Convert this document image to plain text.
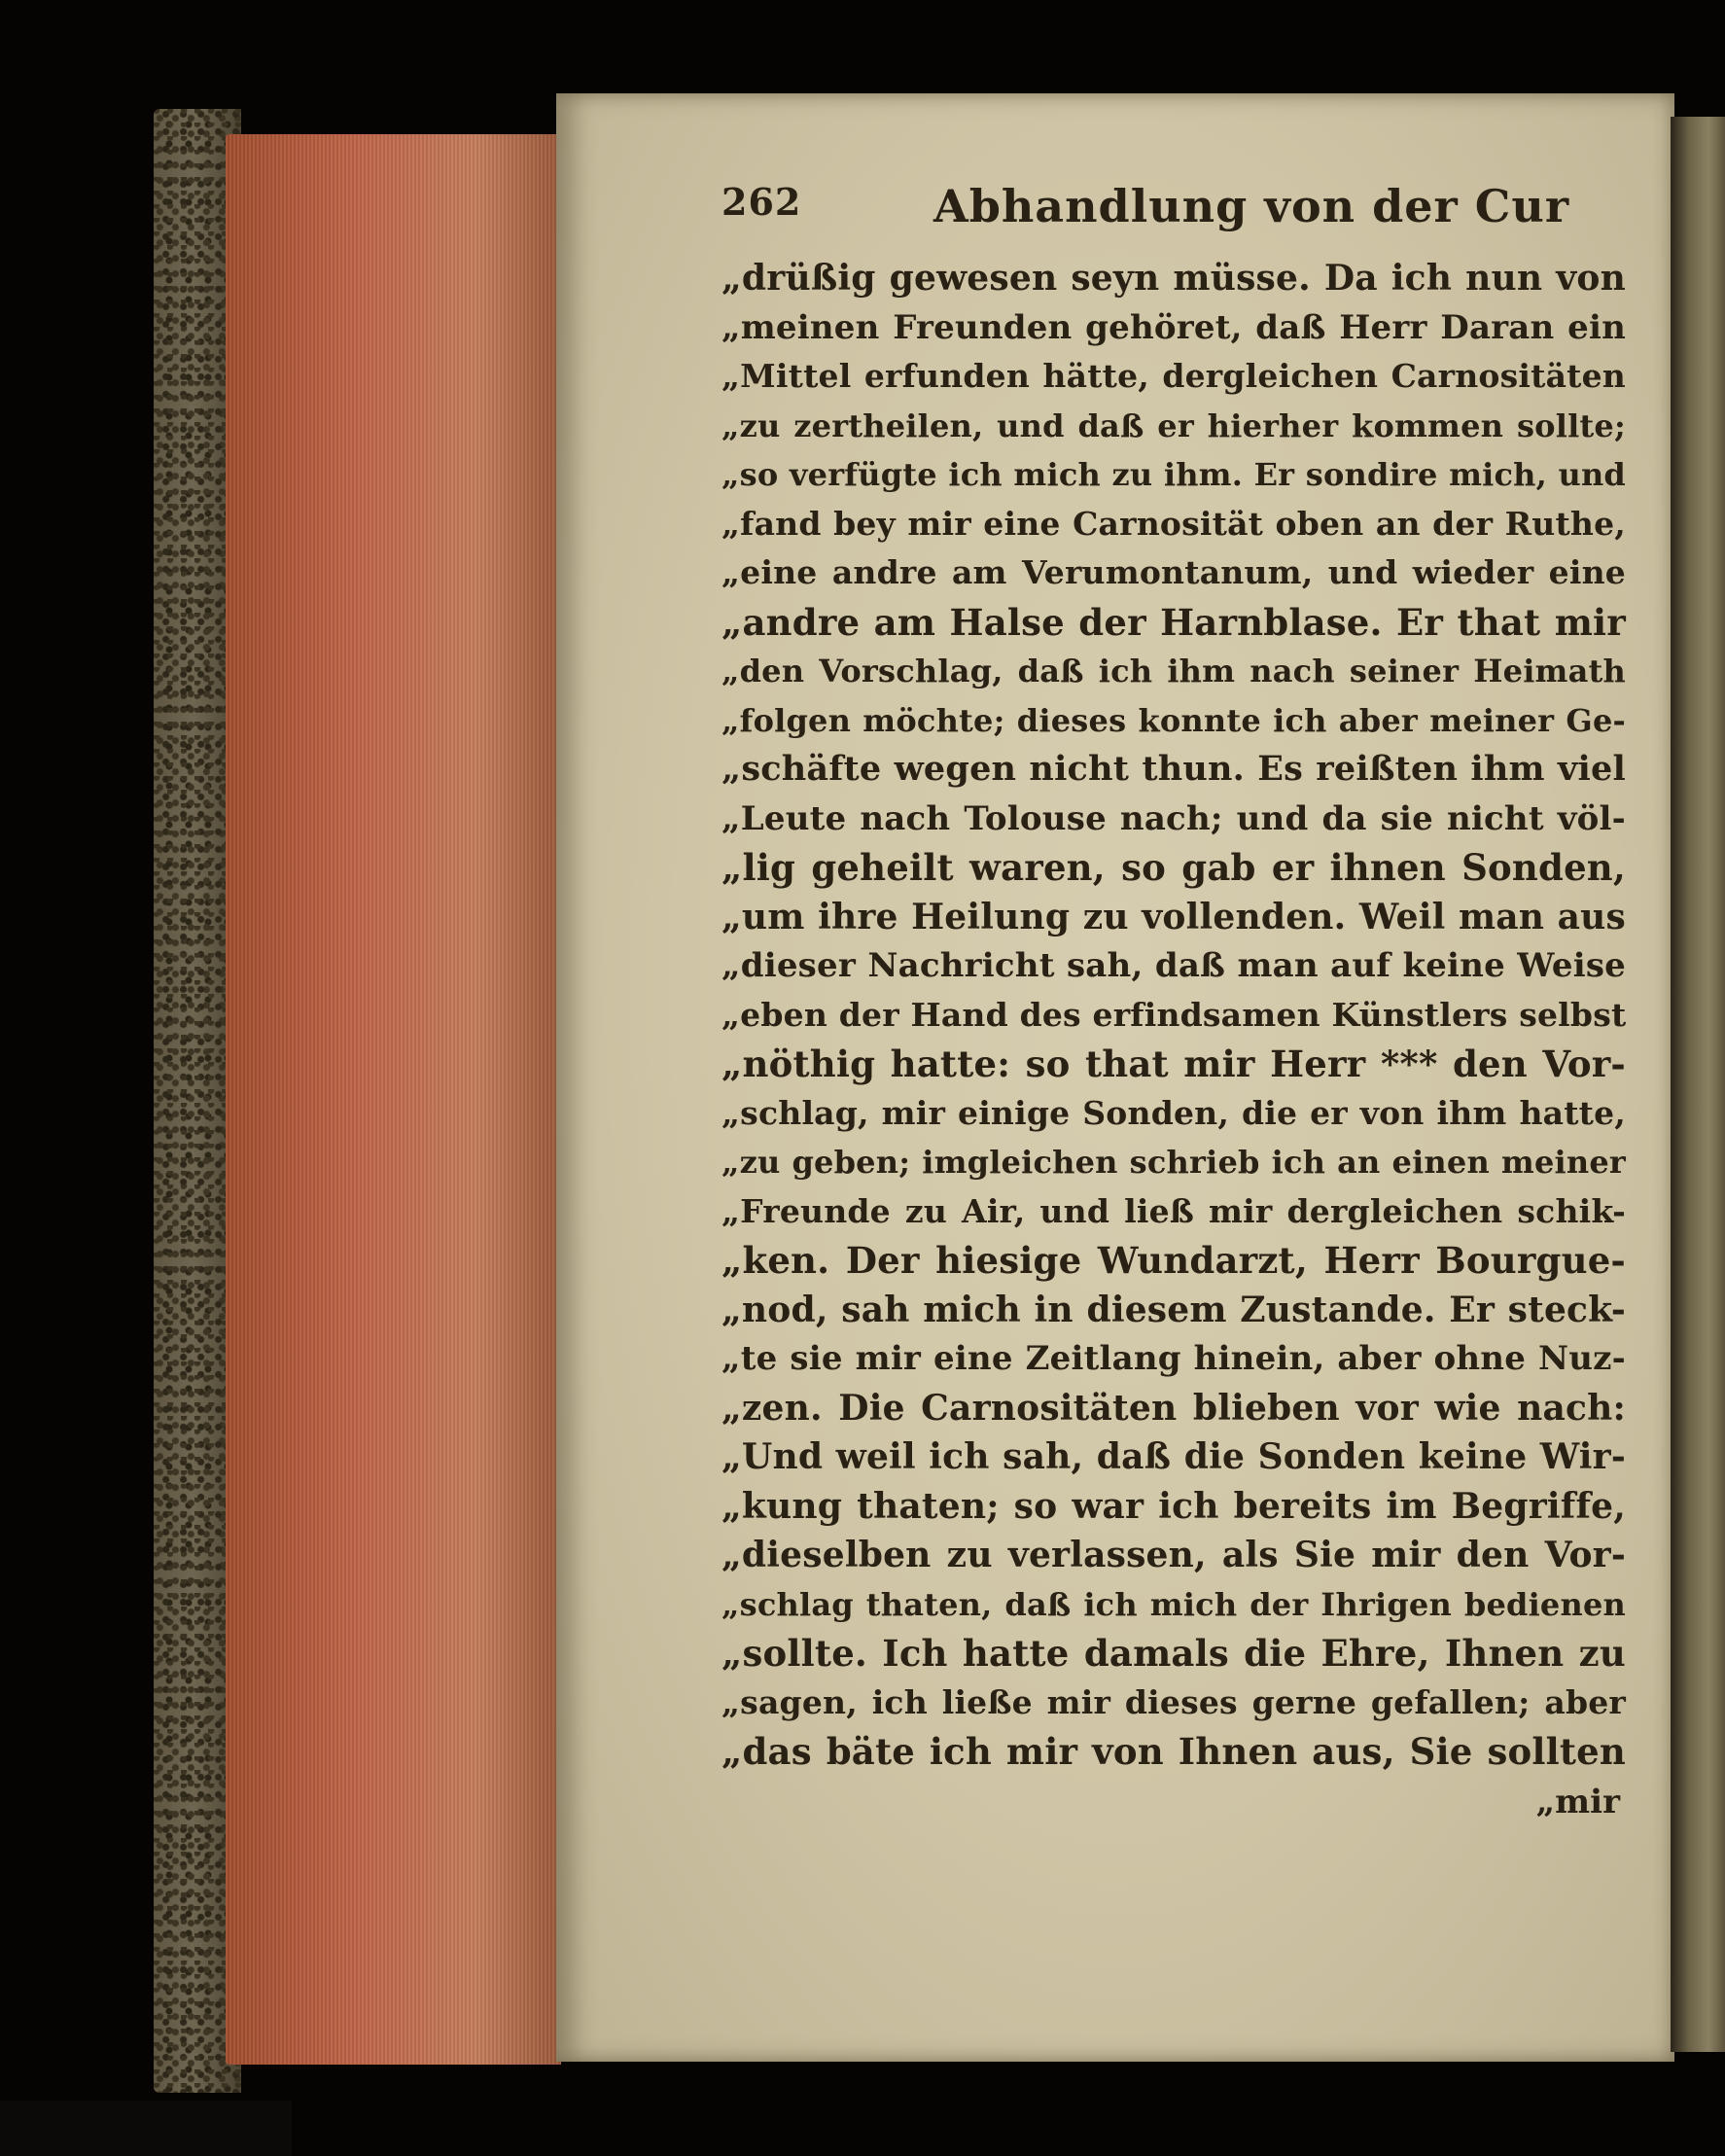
262	Abhandlung von der Cur
„drüßig gewesen seyn müsse. Da ich nun von
„meinen Freunden gehöret, daß Herr Daran ein
„Mittel erfunden hätte, dergleichen Carnositäten
„zu zertheilen, und daß er hierher kommen sollte;
„so verfügte ich mich zu ihm. Er sondire mich, und
„fand bey mir eine Carnosität oben an der Ruthe,
„eine andre am Verumontanum, und wieder eine
„andre am Halse der Harnblase. Er that mir
„den Vorschlag, daß ich ihm nach seiner Heimath
„folgen möchte; dieses konnte ich aber meiner Ge-
„schäfte wegen nicht thun. Es reißten ihm viel
„Leute nach Tolouse nach; und da sie nicht völ-
„lig geheilt waren, so gab er ihnen Sonden,
„um ihre Heilung zu vollenden. Weil man aus
„dieser Nachricht sah, daß man auf keine Weise
„eben der Hand des erfindsamen Künstlers selbst
„nöthig hatte: so that mir Herr *** den Vor-
„schlag, mir einige Sonden, die er von ihm hatte,
„zu geben; imgleichen schrieb ich an einen meiner
„Freunde zu Air, und ließ mir dergleichen schik-
„ken. Der hiesige Wundarzt, Herr Bourgue-
„nod, sah mich in diesem Zustande. Er steck-
„te sie mir eine Zeitlang hinein, aber ohne Nuz-
„zen. Die Carnositäten blieben vor wie nach:
„Und weil ich sah, daß die Sonden keine Wir-
„kung thaten; so war ich bereits im Begriffe,
„dieselben zu verlassen, als Sie mir den Vor-
„schlag thaten, daß ich mich der Ihrigen bedienen
„sollte. Ich hatte damals die Ehre, Ihnen zu
„sagen, ich ließe mir dieses gerne gefallen; aber
„das bäte ich mir von Ihnen aus, Sie sollten
„mir
